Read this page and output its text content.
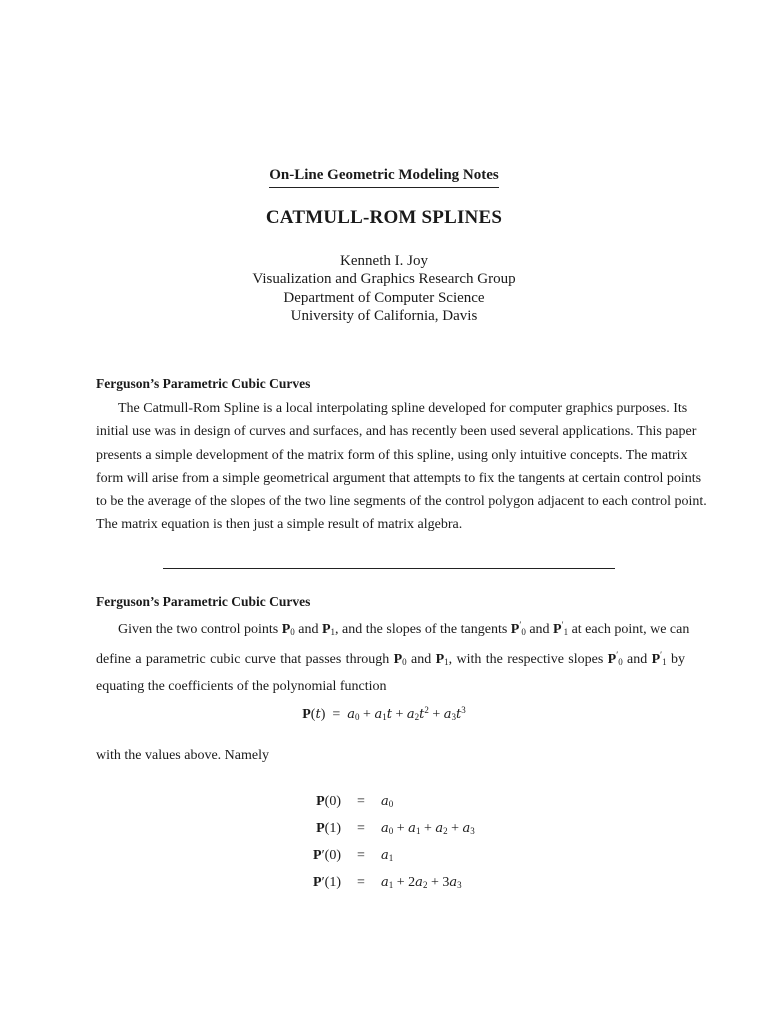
On-Line Geometric Modeling Notes
CATMULL-ROM SPLINES
Kenneth I. Joy
Visualization and Graphics Research Group
Department of Computer Science
University of California, Davis
Ferguson’s Parametric Cubic Curves
The Catmull-Rom Spline is a local interpolating spline developed for computer graphics purposes. Its
initial use was in design of curves and surfaces, and has recently been used several applications. This paper
presents a simple development of the matrix form of this spline, using only intuitive concepts. The matrix
form will arise from a simple geometrical argument that attempts to fix the tangents at certain control points
to be the average of the slopes of the two line segments of the control polygon adjacent to each control point.
The matrix equation is then just a simple result of matrix algebra.
Ferguson’s Parametric Cubic Curves
Given the two control points $P_0$ and $P_1$, and the slopes of the tangents $P'_0$ and $P'_1$ at each point, we can
define a parametric cubic curve that passes through $P_0$ and $P_1$, with the respective slopes $P'_0$ and $P'_1$ by
equating the coefficients of the polynomial function
$P(t) = a_0 + a_1t + a_2t^2 + a_3t^3$
with the values above. Namely
P(0)	=	$a_0$
P(1)	=	$a_0 + a_1 + a_2 + a_3$
P′(0)	=	$a_1$
P′(1)	=	$a_1 + 2a_2 + 3a_3$
